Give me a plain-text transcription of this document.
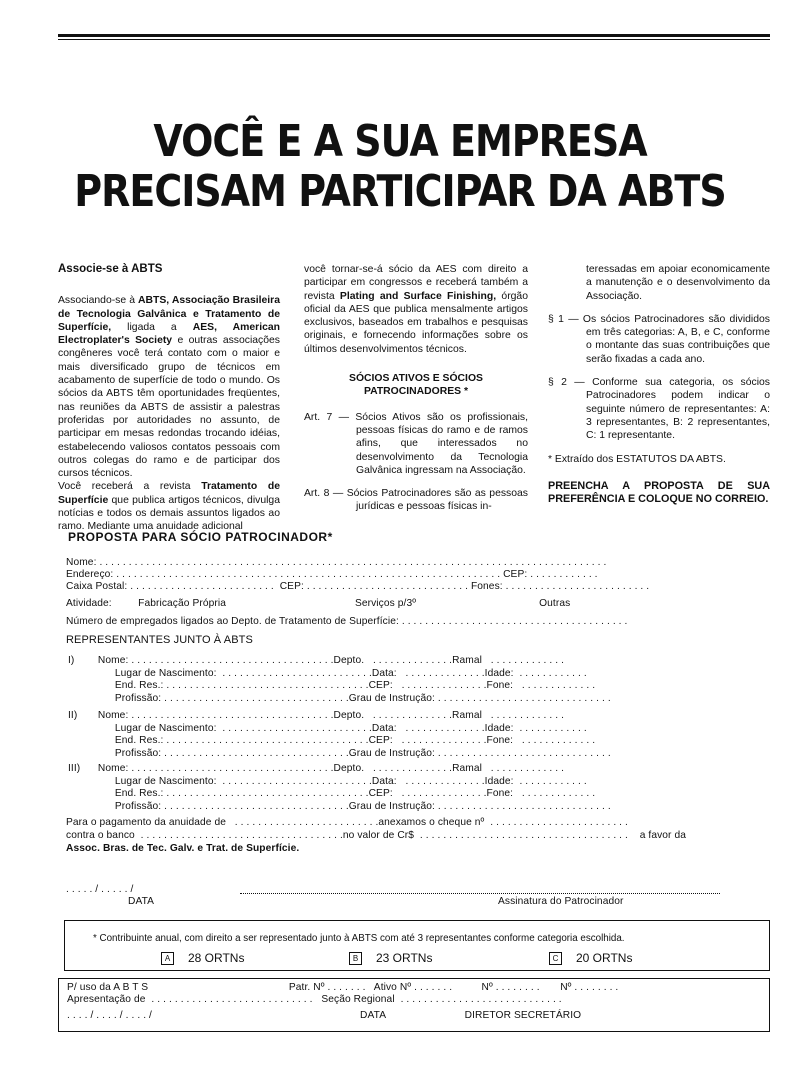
VOCÊ E A SUA EMPRESA
PRECISAM PARTICIPAR DA ABTS

Associe-se à ABTS

Associando-se à ABTS, Associação Brasileira de Tecnologia Galvânica e Tratamento de Superfície, ligada a AES, American Electroplater's Society e outras associações congêneres você terá contato com o maior e mais diversificado grupo de técnicos em acabamento de superfície de todo o mundo. Os sócios da ABTS têm oportunidades freqüentes, nas reuniões da ABTS de assistir a palestras proferidas por autoridades no assunto, de participar em mesas redondas trocando idéias, estabelecendo valiosos contatos pessoais com outros colegas do ramo e de participar dos cursos técnicos.

Você receberá a revista Tratamento de Superfície que publica artigos técnicos, divulga notícias e todos os demais assuntos ligados ao ramo. Mediante uma anuidade adicional

você tornar-se-á sócio da AES com direito a participar em congressos e receberá também a revista Plating and Surface Finishing, órgão oficial da AES que publica mensalmente artigos exclusivos, baseados em trabalhos e pesquisas originais, e fornecendo informações sobre os últimos desenvolvimentos técnicos.

SÓCIOS ATIVOS E SÓCIOS PATROCINADORES *

Art. 7 — Sócios Ativos são os profissionais, pessoas físicas do ramo e de ramos afins, que interessados no desenvolvimento da Tecnologia Galvânica ingressam na Associação.

Art. 8 — Sócios Patrocinadores são as pessoas jurídicas e pessoas físicas in-

teressadas em apoiar economicamente a manutenção e o desenvolvimento da Associação.

§ 1 — Os sócios Patrocinadores são divididos em três categorias: A, B, e C, conforme o montante das suas contribuições que serão fixadas a cada ano.

§ 2 — Conforme sua categoria, os sócios Patrocinadores podem indicar o seguinte número de representantes: A: 3 representantes, B: 2 representantes, C: 1 representante.

* Extraído dos ESTATUTOS DA ABTS.

PREENCHA A PROPOSTA DE SUA PREFERÊNCIA E COLOQUE NO CORREIO.

PROPOSTA PARA SÓCIO PATROCINADOR*
Nome: . . . . . . . . . . . . . . . . . . . . . . . . . . . . . . . . . . . . . . . . . . . . . . . . . . . . . . . . . . . . . . . . . . . . . . . . . . . . . . . . . . . . . . .
Endereço: . . . . . . . . . . . . . . . . . . . . . . . . . . . . . . . . . . . . . . . . . . . . . . . . . . . . . . . . . . . . . . . . . . CEP: . . . . . . . . . . . .
Caixa Postal: . . . . . . . . . . . . . . . . . . . . . . . . .  CEP: . . . . . . . . . . . . . . . . . . . . . . . . . . . . Fones: . . . . . . . . . . . . . . . . . . . . . . . . .
Atividade:	Fabricação Própria	Serviços p/3º	Outras
Número de empregados ligados ao Depto. de Tratamento de Superfície: . . . . . . . . . . . . . . . . . . . . . . . . . . . . . . . . . . . . . . .
REPRESENTANTES JUNTO À ABTS
I) Nome: . . . . . . . . . . . . . . . . . . . . . . . . . . . . . . . . . . .Depto.   . . . . . . . . . . . . . .Ramal   . . . . . . . . . . . . .
Lugar de Nascimento:  . . . . . . . . . . . . . . . . . . . . . . . . . .Data:   . . . . . . . . . . . . . .Idade:  . . . . . . . . . . . .
End. Res.: . . . . . . . . . . . . . . . . . . . . . . . . . . . . . . . . . . .CEP:   . . . . . . . . . . . . . . .Fone:   . . . . . . . . . . . . .
Profissão: . . . . . . . . . . . . . . . . . . . . . . . . . . . . . . . .Grau de Instrução: . . . . . . . . . . . . . . . . . . . . . . . . . . . . . .
II) Nome: . . . . . . . . . . . . . . . . . . . . . . . . . . . . . . . . . . .Depto.   . . . . . . . . . . . . . .Ramal   . . . . . . . . . . . . .
Lugar de Nascimento:  . . . . . . . . . . . . . . . . . . . . . . . . . .Data:   . . . . . . . . . . . . . .Idade:  . . . . . . . . . . . .
End. Res.: . . . . . . . . . . . . . . . . . . . . . . . . . . . . . . . . . . .CEP:   . . . . . . . . . . . . . . .Fone:   . . . . . . . . . . . . .
Profissão: . . . . . . . . . . . . . . . . . . . . . . . . . . . . . . . .Grau de Instrução: . . . . . . . . . . . . . . . . . . . . . . . . . . . . . .
III) Nome: . . . . . . . . . . . . . . . . . . . . . . . . . . . . . . . . . . .Depto.   . . . . . . . . . . . . . .Ramal   . . . . . . . . . . . . .
Lugar de Nascimento:  . . . . . . . . . . . . . . . . . . . . . . . . . .Data:   . . . . . . . . . . . . . .Idade:  . . . . . . . . . . . .
End. Res.: . . . . . . . . . . . . . . . . . . . . . . . . . . . . . . . . . . .CEP:   . . . . . . . . . . . . . . .Fone:   . . . . . . . . . . . . .
Profissão: . . . . . . . . . . . . . . . . . . . . . . . . . . . . . . . .Grau de Instrução: . . . . . . . . . . . . . . . . . . . . . . . . . . . . . .
Para o pagamento da anuidade de   . . . . . . . . . . . . . . . . . . . . . . . . .anexamos o cheque nº  . . . . . . . . . . . . . . . . . . . . . . . .
contra o banco  . . . . . . . . . . . . . . . . . . . . . . . . . . . . . . . . . . .no valor de Cr$  . . . . . . . . . . . . . . . . . . . . . . . . . . . . . . . . . . . .    a favor da
Assoc. Bras. de Tec. Galv. e Trat. de Superfície.
. . . . . / . . . . . /
DATA	Assinatura do Patrocinador
* Contribuinte anual, com direito a ser representado junto à ABTS com até 3 representantes conforme categoria escolhida.
A 28 ORTNs	B 23 ORTNs	C 20 ORTNs
P/ uso da A B T S	Patr. Nº . . . . . . .   Ativo Nº . . . . . . .          Nº . . . . . . . .       Nº . . . . . . . .
Apresentação de  . . . . . . . . . . . . . . . . . . . . . . . . . . . .   Seção Regional  . . . . . . . . . . . . . . . . . . . . . . . . . . . .
. . . . / . . . . / . . . . /	DATA	DIRETOR SECRETÁRIO
